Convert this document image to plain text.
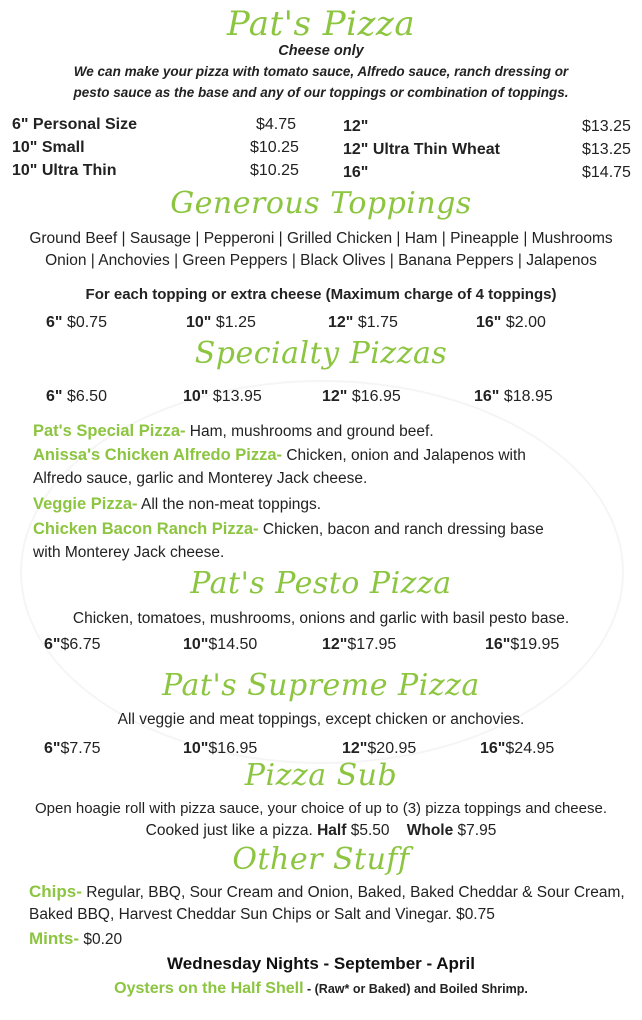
Pat's Pizza
Cheese only
We can make your pizza with tomato sauce, Alfredo sauce, ranch dressing or
pesto sauce as the base and any of our toppings or combination of toppings.
6" Personal Size	$4.75
10" Small	$10.25
10" Ultra Thin	$10.25
12"	$13.25
12" Ultra Thin Wheat	$13.25
16"	$14.75
Generous Toppings
Ground Beef | Sausage | Pepperoni | Grilled Chicken | Ham | Pineapple | Mushrooms
Onion | Anchovies | Green Peppers | Black Olives | Banana Peppers | Jalapenos
For each topping or extra cheese (Maximum charge of 4 toppings)
6" $0.75	10" $1.25	12" $1.75	16" $2.00
Specialty Pizzas
6" $6.50	10" $13.95	12" $16.95	16" $18.95
Pat's Special Pizza- Ham, mushrooms and ground beef.
Anissa's Chicken Alfredo Pizza- Chicken, onion and Jalapenos with
Alfredo sauce, garlic and Monterey Jack cheese.
Veggie Pizza- All the non-meat toppings.
Chicken Bacon Ranch Pizza- Chicken, bacon and ranch dressing base
with Monterey Jack cheese.
Pat's Pesto Pizza
Chicken, tomatoes, mushrooms, onions and garlic with basil pesto base.
6"$6.75	10"$14.50	12"$17.95	16"$19.95
Pat's Supreme Pizza
All veggie and meat toppings, except chicken or anchovies.
6"$7.75	10"$16.95	12"$20.95	16"$24.95
Pizza Sub
Open hoagie roll with pizza sauce, your choice of up to (3) pizza toppings and cheese.
Cooked just like a pizza. Half $5.50 Whole $7.95
Other Stuff
Chips- Regular, BBQ, Sour Cream and Onion, Baked, Baked Cheddar & Sour Cream,
Baked BBQ, Harvest Cheddar Sun Chips or Salt and Vinegar. $0.75
Mints- $0.20
Wednesday Nights - September - April
Oysters on the Half Shell - (Raw* or Baked) and Boiled Shrimp.
